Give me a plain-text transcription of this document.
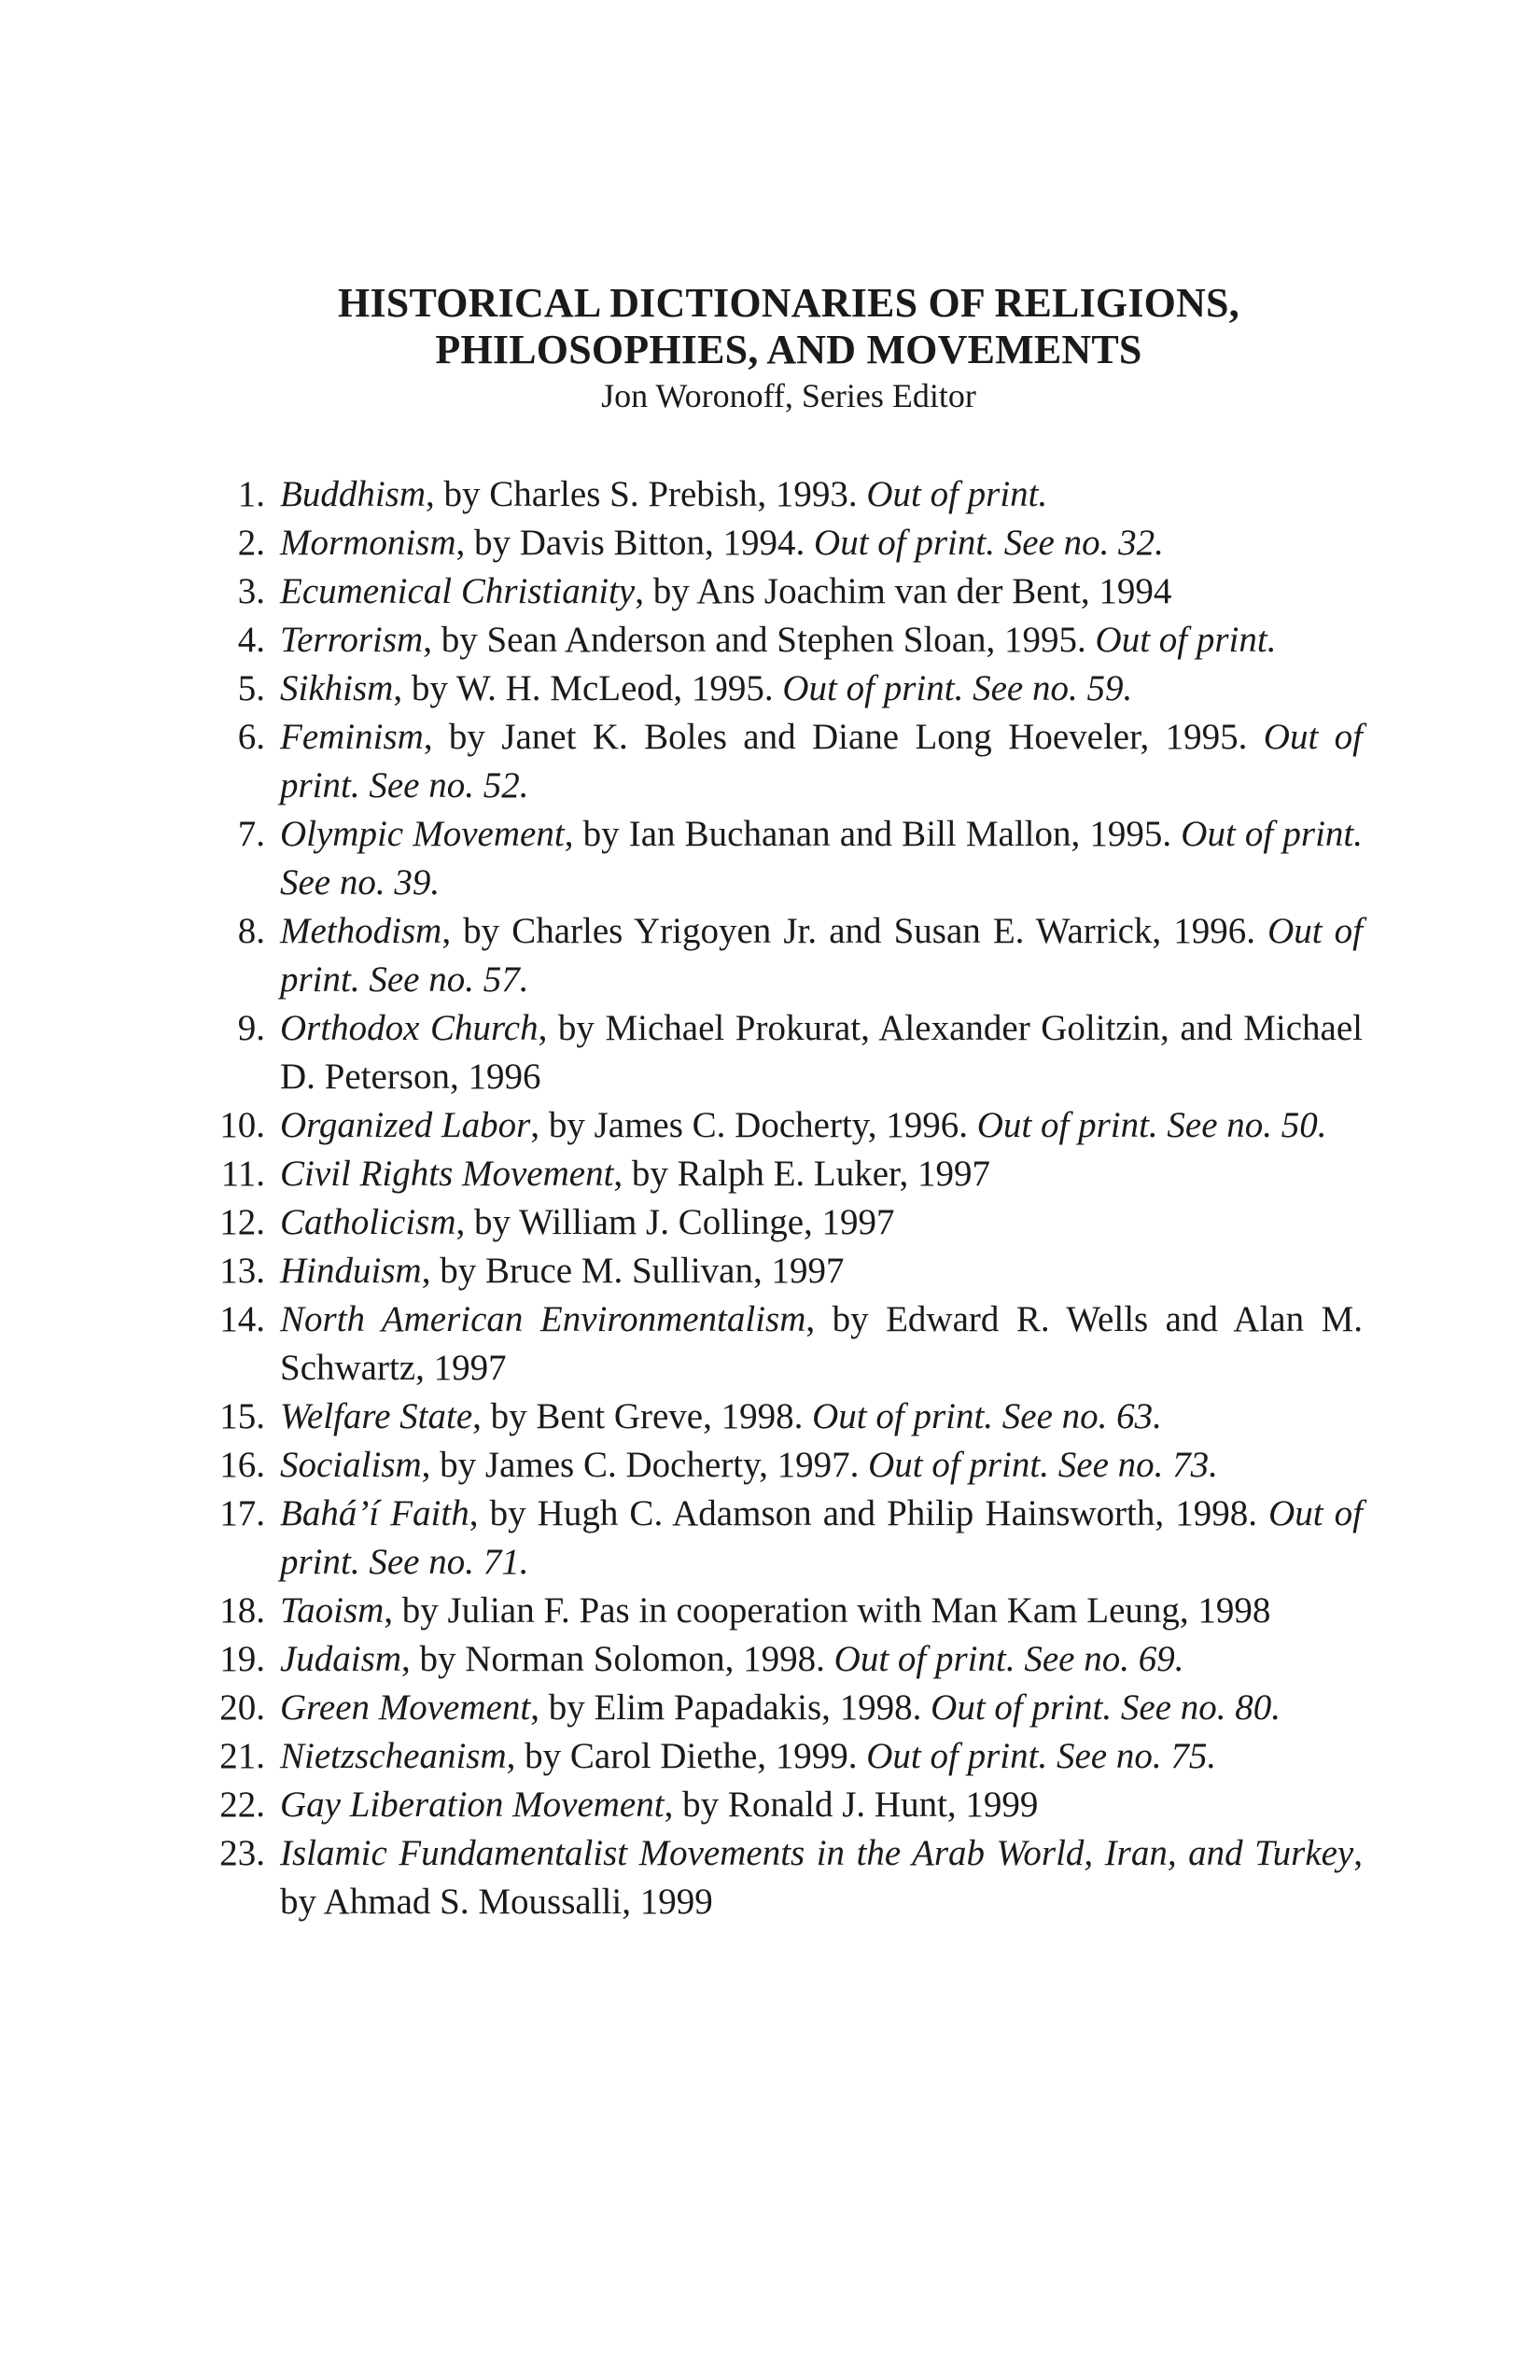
HISTORICAL DICTIONARIES OF RELIGIONS,
PHILOSOPHIES, AND MOVEMENTS
Jon Woronoff, Series Editor
1. Buddhism, by Charles S. Prebish, 1993. Out of print.
2. Mormonism, by Davis Bitton, 1994. Out of print. See no. 32.
3. Ecumenical Christianity, by Ans Joachim van der Bent, 1994
4. Terrorism, by Sean Anderson and Stephen Sloan, 1995. Out of print.
5. Sikhism, by W. H. McLeod, 1995. Out of print. See no. 59.
6. Feminism, by Janet K. Boles and Diane Long Hoeveler, 1995. Out of print. See no. 52.
7. Olympic Movement, by Ian Buchanan and Bill Mallon, 1995. Out of print. See no. 39.
8. Methodism, by Charles Yrigoyen Jr. and Susan E. Warrick, 1996. Out of print. See no. 57.
9. Orthodox Church, by Michael Prokurat, Alexander Golitzin, and Michael D. Peterson, 1996
10. Organized Labor, by James C. Docherty, 1996. Out of print. See no. 50.
11. Civil Rights Movement, by Ralph E. Luker, 1997
12. Catholicism, by William J. Collinge, 1997
13. Hinduism, by Bruce M. Sullivan, 1997
14. North American Environmentalism, by Edward R. Wells and Alan M. Schwartz, 1997
15. Welfare State, by Bent Greve, 1998. Out of print. See no. 63.
16. Socialism, by James C. Docherty, 1997. Out of print. See no. 73.
17. Bahá’í Faith, by Hugh C. Adamson and Philip Hainsworth, 1998. Out of print. See no. 71.
18. Taoism, by Julian F. Pas in cooperation with Man Kam Leung, 1998
19. Judaism, by Norman Solomon, 1998. Out of print. See no. 69.
20. Green Movement, by Elim Papadakis, 1998. Out of print. See no. 80.
21. Nietzscheanism, by Carol Diethe, 1999. Out of print. See no. 75.
22. Gay Liberation Movement, by Ronald J. Hunt, 1999
23. Islamic Fundamentalist Movements in the Arab World, Iran, and Turkey, by Ahmad S. Moussalli, 1999
